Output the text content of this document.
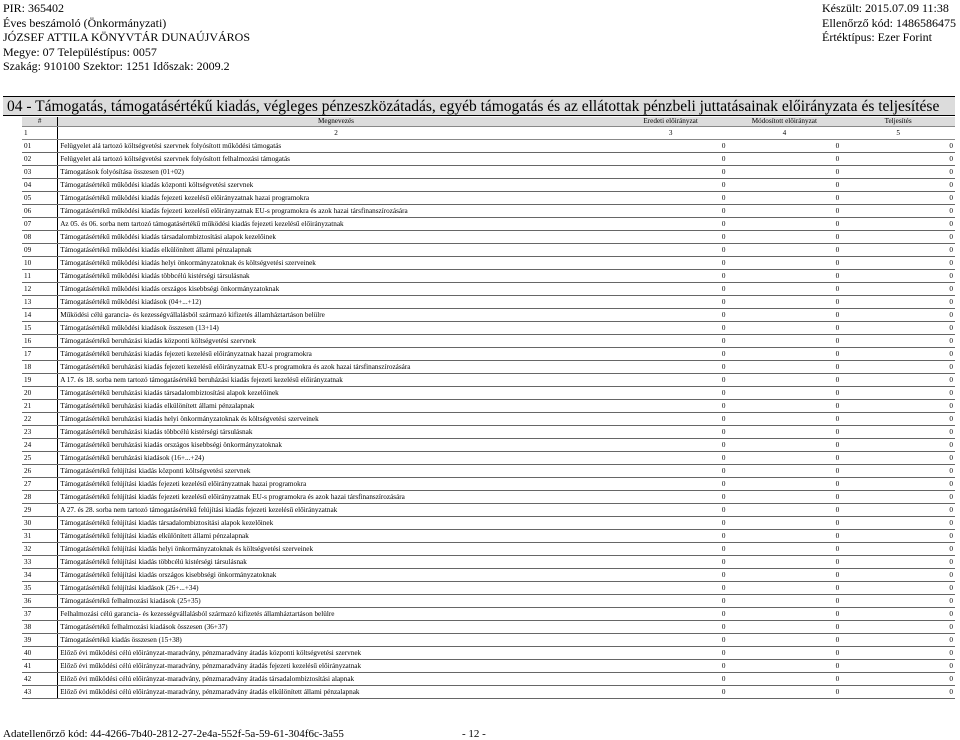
PIR: 365402
Éves beszámoló (Önkormányzati)
JÓZSEF ATTILA KÖNYVTÁR DUNAÚJVÁROS
Megye: 07 Településtípus: 0057
Szakág: 910100 Szektor: 1251 Időszak: 2009.2
Készült: 2015.07.09 11:38
Ellenőrző kód: 1486586475
Értéktípus: Ezer Forint
04 - Támogatás, támogatásértékű kiadás, végleges pénzeszközátadás, egyéb támogatás és az ellátottak pénzbeli juttatásainak előirányzata és teljesítése
#	Megnevezés	Eredeti előirányzat	Módosított előirányzat	Teljesítés
1	2	3	4	5
01	Felügyelet alá tartozó költségvetési szervnek folyósított működési támogatás	0	0	0
02	Felügyelet alá tartozó költségvetési szervnek folyósított felhalmozási támogatás	0	0	0
03	Támogatások folyósítása összesen (01+02)	0	0	0
04	Támogatásértékű működési kiadás központi költségvetési szervnek	0	0	0
05	Támogatásértékű működési kiadás fejezeti kezelésű előirányzatnak hazai programokra	0	0	0
06	Támogatásértékű működési kiadás fejezeti kezelésű előirányzatnak EU-s programokra és azok hazai társfinanszírozására	0	0	0
07	Az 05. és 06. sorba nem tartozó támogatásértékű működési kiadás fejezeti kezelésű előirányzatnak	0	0	0
08	Támogatásértékű működési kiadás társadalombiztosítási alapok kezelőinek	0	0	0
09	Támogatásértékű működési kiadás elkülönített állami pénzalapnak	0	0	0
10	Támogatásértékű működési kiadás helyi önkormányzatoknak és költségvetési szerveinek	0	0	0
11	Támogatásértékű működési kiadás többcélú kistérségi társulásnak	0	0	0
12	Támogatásértékű működési kiadás országos kisebbségi önkormányzatoknak	0	0	0
13	Támogatásértékű működési kiadások (04+...+12)	0	0	0
14	Működési célú garancia- és kezességvállalásból származó kifizetés államháztartáson belülre	0	0	0
15	Támogatásértékű működési kiadások összesen (13+14)	0	0	0
16	Támogatásértékű beruházási kiadás központi költségvetési szervnek	0	0	0
17	Támogatásértékű beruházási kiadás fejezeti kezelésű előirányzatnak hazai programokra	0	0	0
18	Támogatásértékű beruházási kiadás fejezeti kezelésű előirányzatnak EU-s programokra és azok hazai társfinanszírozására	0	0	0
19	A 17. és 18. sorba nem tartozó támogatásértékű beruházási kiadás fejezeti kezelésű előirányzatnak	0	0	0
20	Támogatásértékű beruházási kiadás társadalombiztosítási alapok kezelőinek	0	0	0
21	Támogatásértékű beruházási kiadás elkülönített állami pénzalapnak	0	0	0
22	Támogatásértékű beruházási kiadás helyi önkormányzatoknak és költségvetési szerveinek	0	0	0
23	Támogatásértékű beruházási kiadás többcélú kistérségi társulásnak	0	0	0
24	Támogatásértékű beruházási kiadás országos kisebbségi önkormányzatoknak	0	0	0
25	Támogatásértékű beruházási kiadások (16+...+24)	0	0	0
26	Támogatásértékű felújítási kiadás központi költségvetési szervnek	0	0	0
27	Támogatásértékű felújítási kiadás fejezeti kezelésű előirányzatnak hazai programokra	0	0	0
28	Támogatásértékű felújítási kiadás fejezeti kezelésű előirányzatnak EU-s programokra és azok hazai társfinanszírozására	0	0	0
29	A 27. és 28. sorba nem tartozó támogatásértékű felújítási kiadás fejezeti kezelésű előirányzatnak	0	0	0
30	Támogatásértékű felújítási kiadás társadalombiztosítási alapok kezelőinek	0	0	0
31	Támogatásértékű felújítási kiadás elkülönített állami pénzalapnak	0	0	0
32	Támogatásértékű felújítási kiadás helyi önkormányzatoknak és költségvetési szerveinek	0	0	0
33	Támogatásértékű felújítási kiadás többcélú kistérségi társulásnak	0	0	0
34	Támogatásértékű felújítási kiadás országos kisebbségi önkormányzatoknak	0	0	0
35	Támogatásértékű felújítási kiadások (26+...+34)	0	0	0
36	Támogatásértékű felhalmozási kiadások (25+35)	0	0	0
37	Felhalmozási célú garancia- és kezességvállalásból származó kifizetés államháztartáson belülre	0	0	0
38	Támogatásértékű felhalmozási kiadások összesen (36+37)	0	0	0
39	Támogatásértékű kiadás összesen (15+38)	0	0	0
40	Előző évi működési célú előirányzat-maradvány, pénzmaradvány átadás központi költségvetési szervnek	0	0	0
41	Előző évi működési célú előirányzat-maradvány, pénzmaradvány átadás fejezeti kezelésű előirányzatnak	0	0	0
42	Előző évi működési célú előirányzat-maradvány, pénzmaradvány átadás társadalombiztosítási alapnak	0	0	0
43	Előző évi működési célú előirányzat-maradvány, pénzmaradvány átadás elkülönített állami pénzalapnak	0	0	0
Adatellenőrző kód: 44-4266-7b40-2812-27-2e4a-552f-5a-59-61-304f6c-3a55	- 12 -
